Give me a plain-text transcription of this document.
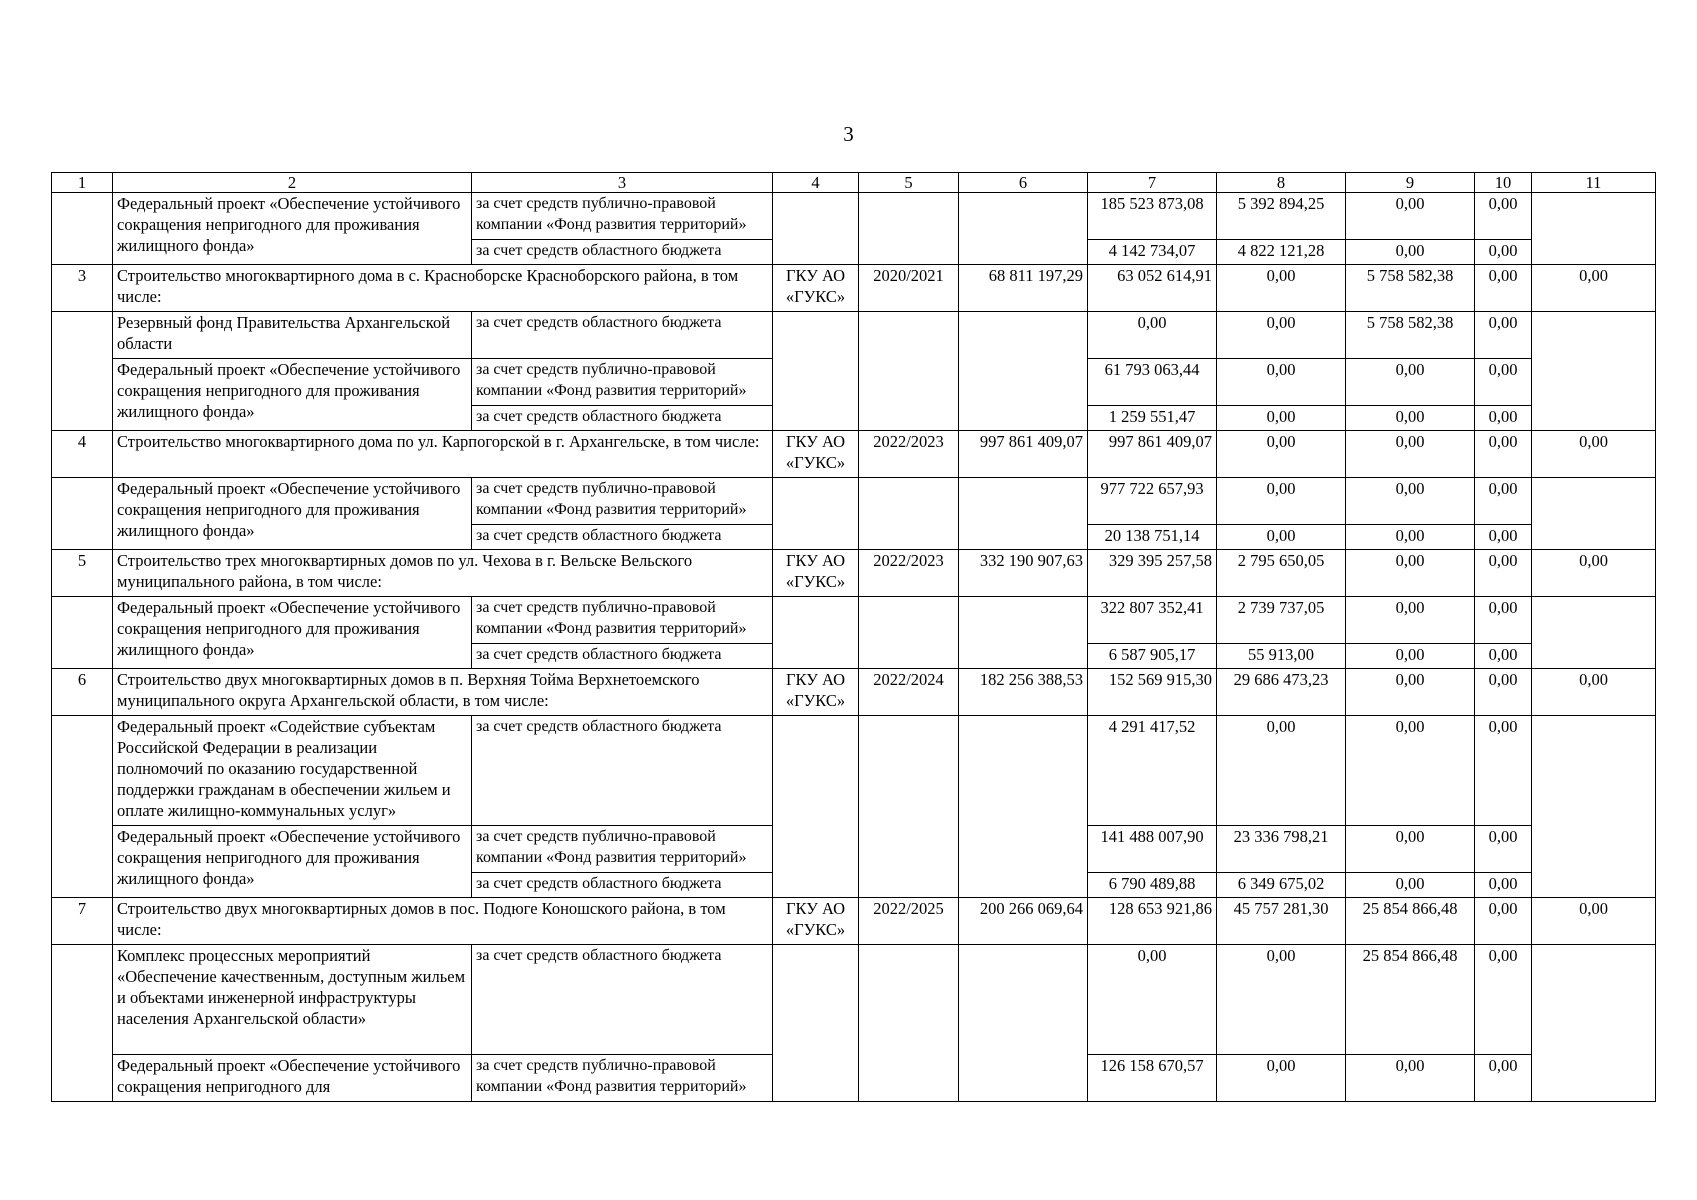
3
1	2	3	4	5	6	7	8	9	10	11
	Федеральный проект «Обеспечение устойчивого сокращения непригодного для проживания жилищного фонда»	за счет средств публично-правовой компании «Фонд развития территорий»				185 523 873,08	5 392 894,25	0,00	0,00	
		за счет средств областного бюджета				4 142 734,07	4 822 121,28	0,00	0,00	
3	Строительство многоквартирного дома в с. Красноборске Красноборского района, в том числе:		ГКУ АО «ГУКС»	2020/2021	68 811 197,29	63 052 614,91	0,00	5 758 582,38	0,00	0,00
	Резервный фонд Правительства Архангельской области	за счет средств областного бюджета				0,00	0,00	5 758 582,38	0,00	
	Федеральный проект «Обеспечение устойчивого сокращения непригодного для проживания жилищного фонда»	за счет средств публично-правовой компании «Фонд развития территорий»				61 793 063,44	0,00	0,00	0,00	
		за счет средств областного бюджета				1 259 551,47	0,00	0,00	0,00	
4	Строительство многоквартирного дома по ул. Карпогорской в г. Архангельске, в том числе:		ГКУ АО «ГУКС»	2022/2023	997 861 409,07	997 861 409,07	0,00	0,00	0,00	0,00
	Федеральный проект «Обеспечение устойчивого сокращения непригодного для проживания жилищного фонда»	за счет средств публично-правовой компании «Фонд развития территорий»				977 722 657,93	0,00	0,00	0,00	
		за счет средств областного бюджета				20 138 751,14	0,00	0,00	0,00	
5	Строительство трех многоквартирных домов по ул. Чехова в г. Вельске Вельского муниципального района, в том числе:		ГКУ АО «ГУКС»	2022/2023	332 190 907,63	329 395 257,58	2 795 650,05	0,00	0,00	0,00
	Федеральный проект «Обеспечение устойчивого сокращения непригодного для проживания жилищного фонда»	за счет средств публично-правовой компании «Фонд развития территорий»				322 807 352,41	2 739 737,05	0,00	0,00	
		за счет средств областного бюджета				6 587 905,17	55 913,00	0,00	0,00	
6	Строительство двух многоквартирных домов в п. Верхняя Тойма Верхнетоемского муниципального округа Архангельской области, в том числе:		ГКУ АО «ГУКС»	2022/2024	182 256 388,53	152 569 915,30	29 686 473,23	0,00	0,00	0,00
	Федеральный проект «Содействие субъектам Российской Федерации в реализации полномочий по оказанию государственной поддержки гражданам в обеспечении жильем и оплате жилищно-коммунальных услуг»	за счет средств областного бюджета				4 291 417,52	0,00	0,00	0,00	
	Федеральный проект «Обеспечение устойчивого сокращения непригодного для проживания жилищного фонда»	за счет средств публично-правовой компании «Фонд развития территорий»				141 488 007,90	23 336 798,21	0,00	0,00	
		за счет средств областного бюджета				6 790 489,88	6 349 675,02	0,00	0,00	
7	Строительство двух многоквартирных домов в пос. Подюге Коношского района, в том числе:		ГКУ АО «ГУКС»	2022/2025	200 266 069,64	128 653 921,86	45 757 281,30	25 854 866,48	0,00	0,00
	Комплекс процессных мероприятий «Обеспечение качественным, доступным жильем и объектами инженерной инфраструктуры населения Архангельской области»	за счет средств областного бюджета				0,00	0,00	25 854 866,48	0,00	
	Федеральный проект «Обеспечение устойчивого сокращения непригодного для	за счет средств публично-правовой компании «Фонд развития территорий»				126 158 670,57	0,00	0,00	0,00	
